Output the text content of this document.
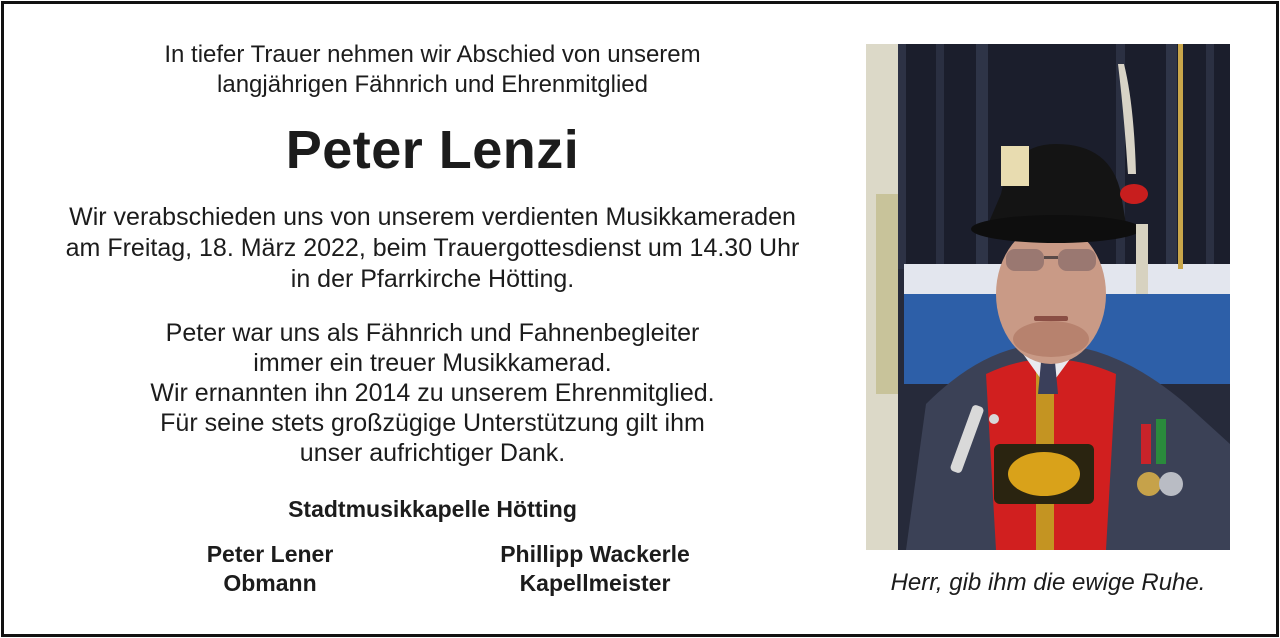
In tiefer Trauer nehmen wir Abschied von unserem
langjährigen Fähnrich und Ehrenmitglied
Peter Lenzi
Wir verabschieden uns von unserem verdienten Musikkameraden
am Freitag, 18. März 2022, beim Trauergottesdienst um 14.30 Uhr
in der Pfarrkirche Hötting.
Peter war uns als Fähnrich und Fahnenbegleiter
immer ein treuer Musikkamerad.
Wir ernannten ihn 2014 zu unserem Ehrenmitglied.
Für seine stets großzügige Unterstützung gilt ihm
unser aufrichtiger Dank.
Stadtmusikkapelle Hötting
Peter Lener
Obmann
Phillipp Wackerle
Kapellmeister	Herr, gib ihm die ewige Ruhe.
